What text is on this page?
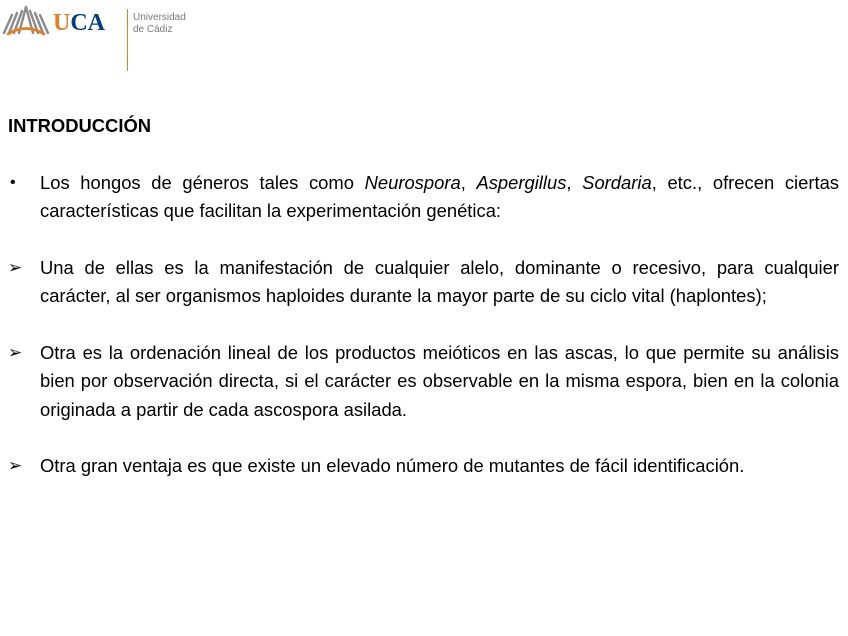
UCA	Universidad
de Cádiz
INTRODUCCIÓN
• Los hongos de géneros tales como Neurospora, Aspergillus, Sordaria, etc., ofrecen ciertas características que facilitan la experimentación genética:
➢ Una de ellas es la manifestación de cualquier alelo, dominante o recesivo, para cualquier carácter, al ser organismos haploides durante la mayor parte de su ciclo vital (haplontes);
➢ Otra es la ordenación lineal de los productos meióticos en las ascas, lo que permite su análisis bien por observación directa, si el carácter es observable en la misma espora, bien en la colonia originada a partir de cada ascospora asilada.
➢ Otra gran ventaja es que existe un elevado número de mutantes de fácil identificación.
